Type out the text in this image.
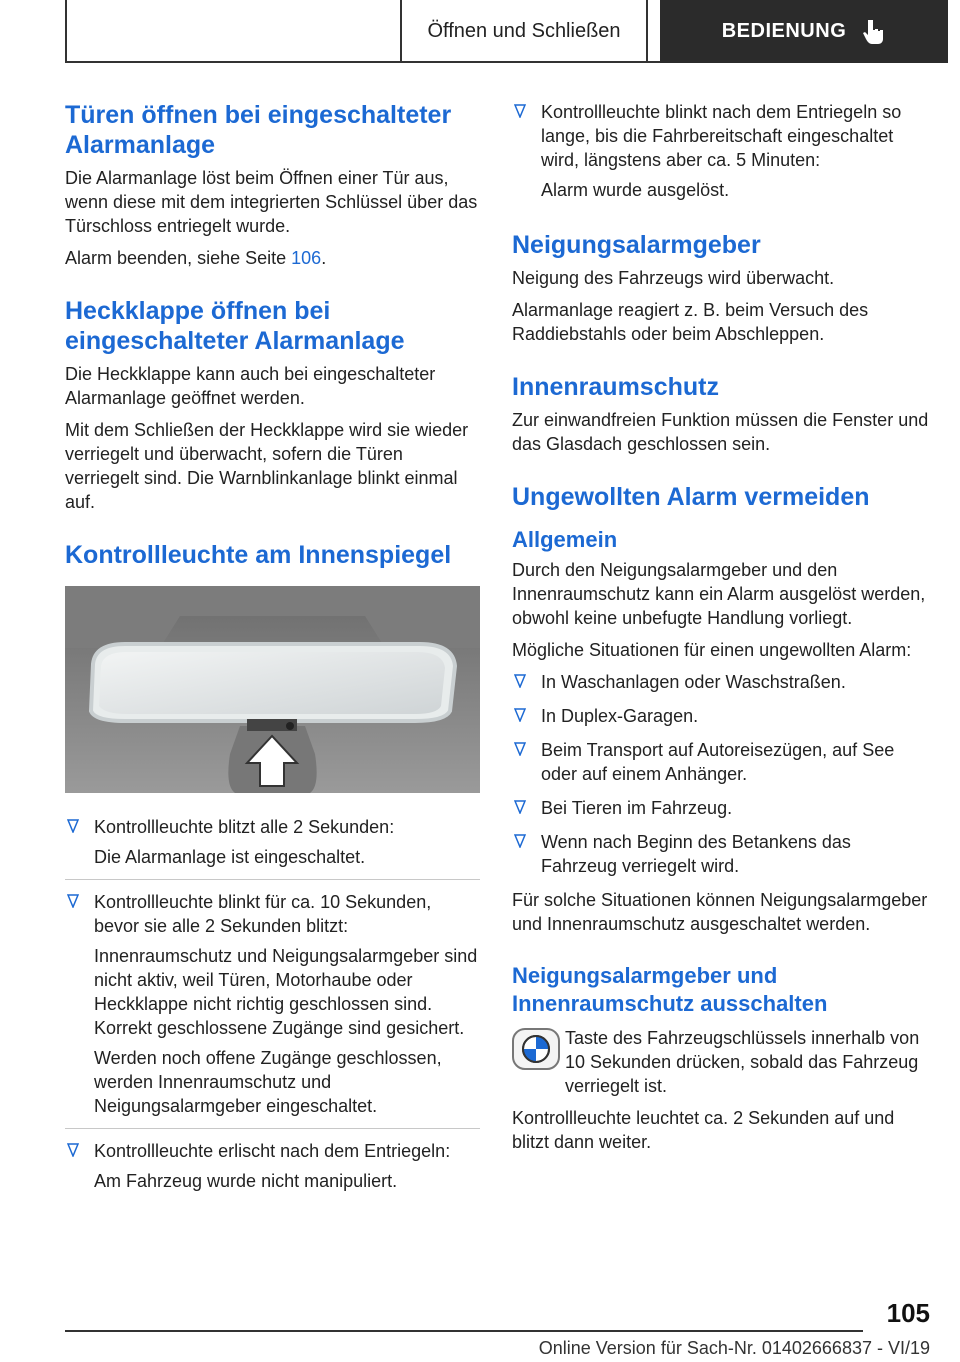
Öffnen und Schließen	BEDIENUNG
Türen öffnen bei eingeschalteter Alarmanlage

Die Alarmanlage löst beim Öffnen einer Tür aus, wenn diese mit dem integrierten Schlüssel über das Türschloss entriegelt wurde.

Alarm beenden, siehe Seite 106.

Heckklappe öffnen bei eingeschalteter Alarmanlage

Die Heckklappe kann auch bei eingeschalteter Alarmanlage geöffnet werden.

Mit dem Schließen der Heckklappe wird sie wieder verriegelt und überwacht, sofern die Türen verriegelt sind. Die Warnblinkanlage blinkt einmal auf.

Kontrollleuchte am Innenspiegel

Kontrollleuchte blitzt alle 2 Sekunden:

Die Alarmanlage ist eingeschaltet.

Kontrollleuchte blinkt für ca. 10 Sekunden, bevor sie alle 2 Sekunden blitzt:

Innenraumschutz und Neigungsalarmgeber sind nicht aktiv, weil Türen, Motorhaube oder Heckklappe nicht richtig geschlossen sind. Korrekt geschlossene Zugänge sind gesichert.

Werden noch offene Zugänge geschlossen, werden Innenraumschutz und Neigungsalarmgeber eingeschaltet.

Kontrollleuchte erlischt nach dem Entriegeln:

Am Fahrzeug wurde nicht manipuliert.

Kontrollleuchte blinkt nach dem Entriegeln so lange, bis die Fahrbereitschaft eingeschaltet wird, längstens aber ca. 5 Minuten:

Alarm wurde ausgelöst.

Neigungsalarmgeber

Neigung des Fahrzeugs wird überwacht.

Alarmanlage reagiert z. B. beim Versuch des Raddiebstahls oder beim Abschleppen.

Innenraumschutz

Zur einwandfreien Funktion müssen die Fenster und das Glasdach geschlossen sein.

Ungewollten Alarm vermeiden
Allgemein

Durch den Neigungsalarmgeber und den Innenraumschutz kann ein Alarm ausgelöst werden, obwohl keine unbefugte Handlung vorliegt.

Mögliche Situationen für einen ungewollten Alarm:

In Waschanlagen oder Waschstraßen.

In Duplex-Garagen.

Beim Transport auf Autoreisezügen, auf See oder auf einem Anhänger.

Bei Tieren im Fahrzeug.

Wenn nach Beginn des Betankens das Fahrzeug verriegelt wird.

Für solche Situationen können Neigungsalarmgeber und Innenraumschutz ausgeschaltet werden.

Neigungsalarmgeber und Innenraumschutz ausschalten

Taste des Fahrzeugschlüssels innerhalb von 10 Sekunden drücken, sobald das Fahrzeug verriegelt ist.

Kontrollleuchte leuchtet ca. 2 Sekunden auf und blitzt dann weiter.

105
Online Version für Sach-Nr. 01402666837 - VI/19
